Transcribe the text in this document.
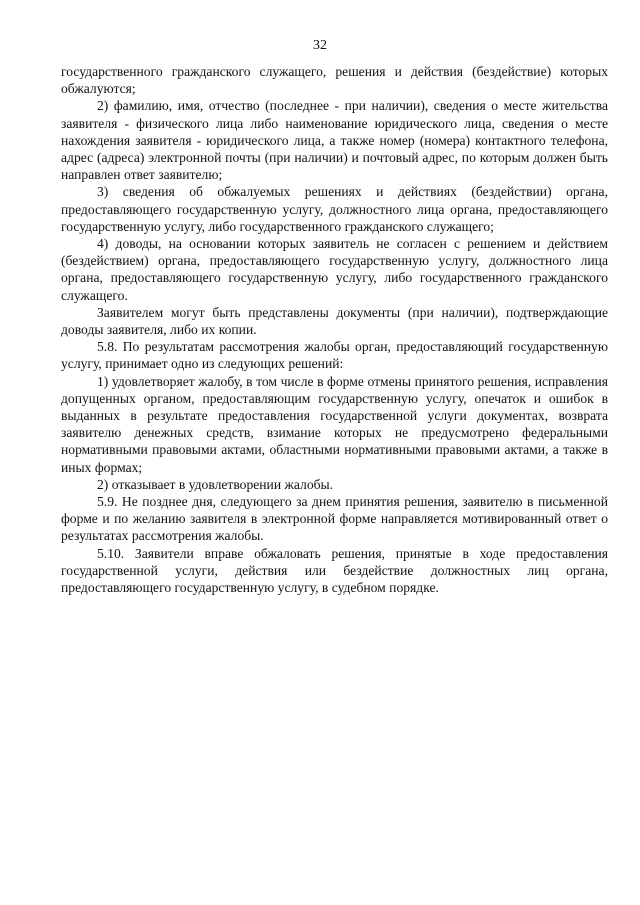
32

государственного гражданского служащего, решения и действия (бездействие) которых обжалуются;

2) фамилию, имя, отчество (последнее - при наличии), сведения о месте жительства заявителя - физического лица либо наименование юридического лица, сведения о месте нахождения заявителя - юридического лица, а также номер (номера) контактного телефона, адрес (адреса) электронной почты (при наличии) и почтовый адрес, по которым должен быть направлен ответ заявителю;

3) сведения об обжалуемых решениях и действиях (бездействии) органа, предоставляющего государственную услугу, должностного лица органа, предоставляющего государственную услугу, либо государственного гражданского служащего;

4) доводы, на основании которых заявитель не согласен с решением и действием (бездействием) органа, предоставляющего государственную услугу, должностного лица органа, предоставляющего государственную услугу, либо государственного гражданского служащего.

Заявителем могут быть представлены документы (при наличии), подтверждающие доводы заявителя, либо их копии.

5.8. По результатам рассмотрения жалобы орган, предоставляющий государственную услугу, принимает одно из следующих решений:

1) удовлетворяет жалобу, в том числе в форме отмены принятого решения, исправления допущенных органом, предоставляющим государственную услугу, опечаток и ошибок в выданных в результате предоставления государственной услуги документах, возврата заявителю денежных средств, взимание которых не предусмотрено федеральными нормативными правовыми актами, областными нормативными правовыми актами, а также в иных формах;

2) отказывает в удовлетворении жалобы.

5.9. Не позднее дня, следующего за днем принятия решения, заявителю в письменной форме и по желанию заявителя в электронной форме направляется мотивированный ответ о результатах рассмотрения жалобы.

5.10. Заявители вправе обжаловать решения, принятые в ходе предоставления государственной услуги, действия или бездействие должностных лиц органа, предоставляющего государственную услугу, в судебном порядке.
